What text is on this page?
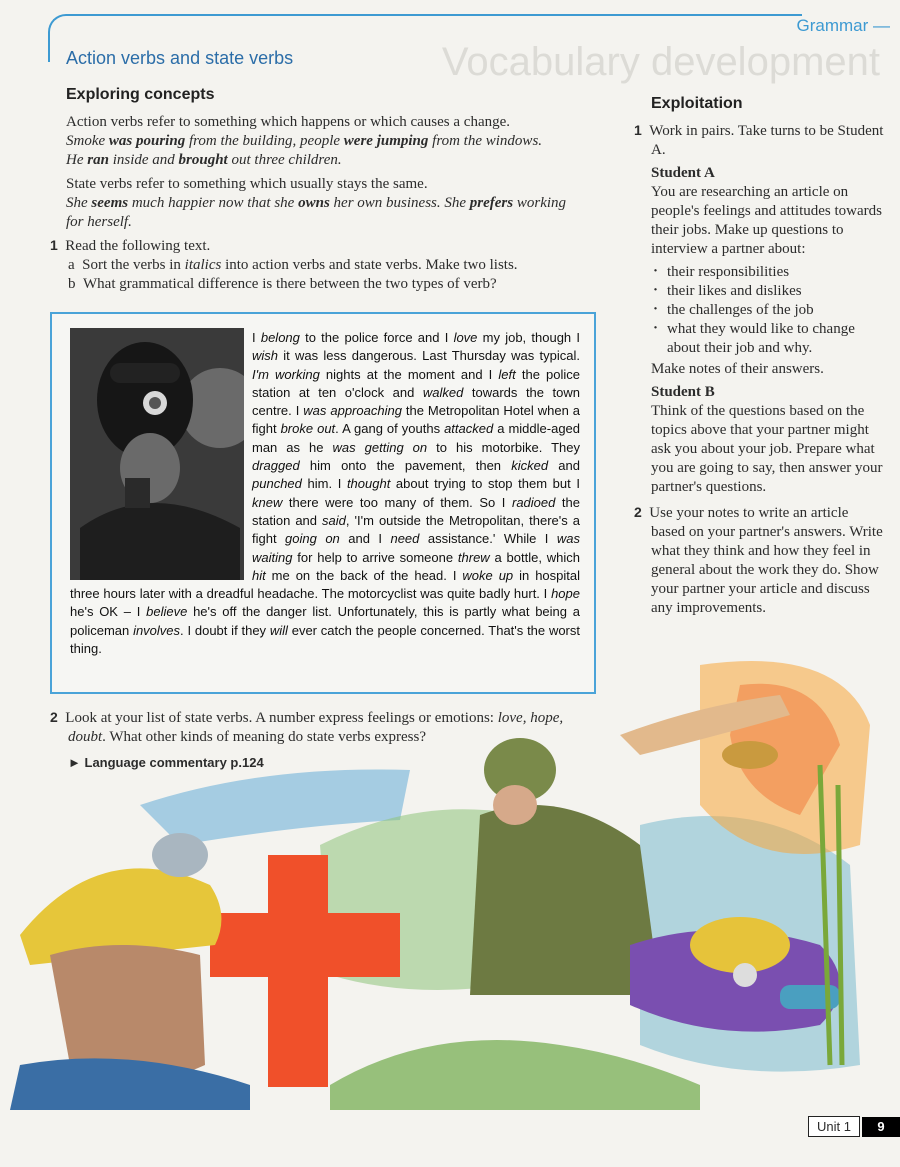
Vocabulary development
Grammar —
Action verbs and state verbs
Exploring concepts
Action verbs refer to something which happens or which causes a change.
Smoke was pouring from the building, people were jumping from the windows.
He ran inside and brought out three children.
State verbs refer to something which usually stays the same.
She seems much happier now that she owns her own business. She prefers working for herself.
1 Read the following text.
a Sort the verbs in italics into action verbs and state verbs. Make two lists.
b What grammatical difference is there between the two types of verb?
I belong to the police force and I love my job, though I wish it was less dangerous. Last Thursday was typical. I'm working nights at the moment and I left the police station at ten o'clock and walked towards the town centre. I was approaching the Metropolitan Hotel when a fight broke out. A gang of youths attacked a middle-aged man as he was getting on to his motorbike. They dragged him onto the pavement, then kicked and punched him. I thought about trying to stop them but I knew there were too many of them. So I radioed the station and said, 'I'm outside the Metropolitan, there's a fight going on and I need assistance.' While I was waiting for help to arrive someone threw a bottle, which hit me on the back of the head. I woke up in hospital three hours later with a dreadful headache. The motorcyclist was quite badly hurt. I hope he's OK – I believe he's off the danger list. Unfortunately, this is partly what being a policeman involves. I doubt if they will ever catch the people concerned. That's the worst thing.
2 Look at your list of state verbs. A number express feelings or emotions: love, hope, doubt. What other kinds of meaning do state verbs express?
► Language commentary p.124
Exploitation
1 Work in pairs. Take turns to be Student A.
Student A
You are researching an article on people's feelings and attitudes towards their jobs. Make up questions to interview a partner about:
· their responsibilities
· their likes and dislikes
· the challenges of the job
· what they would like to change about their job and why.
Make notes of their answers.
Student B
Think of the questions based on the topics above that your partner might ask you about your job. Prepare what you are going to say, then answer your partner's questions.
2 Use your notes to write an article based on your partner's answers. Write what they think and how they feel in general about the work they do. Show your partner your article and discuss any improvements.
Unit 1	9
